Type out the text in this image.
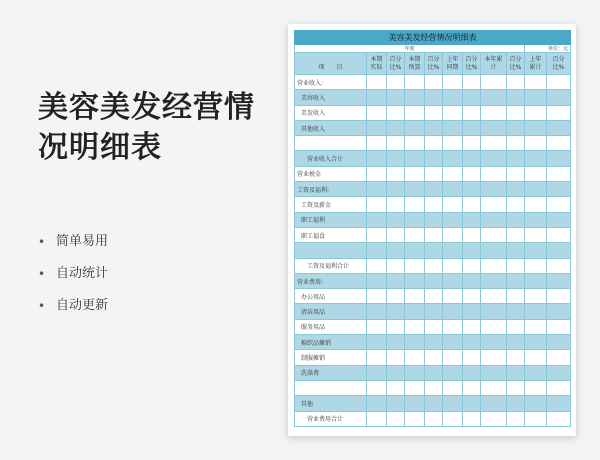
美容美发经营情
况明细表
• 简单易用
• 自动统计
• 自动更新
美容美发经营情况明细表										
年度									单位：元	
项　　目	本期实际	百分比%	本期预算	百分比%	上年同期	百分比%	本年累计	百分比%	上年累计	百分比%
营业收入:										
美容收入										
美发收入										
其他收入										

营业收入合计										
营业税金										
工资及福利:										
工资及薪金										
职工福利										
职工福食										

工资及福利合计										
营业费用:										
办公用品										
清洁用品										
服务用品										
棉织品摊销										
制服摊销										
洗涤费										

其他										
营业费用合计										
